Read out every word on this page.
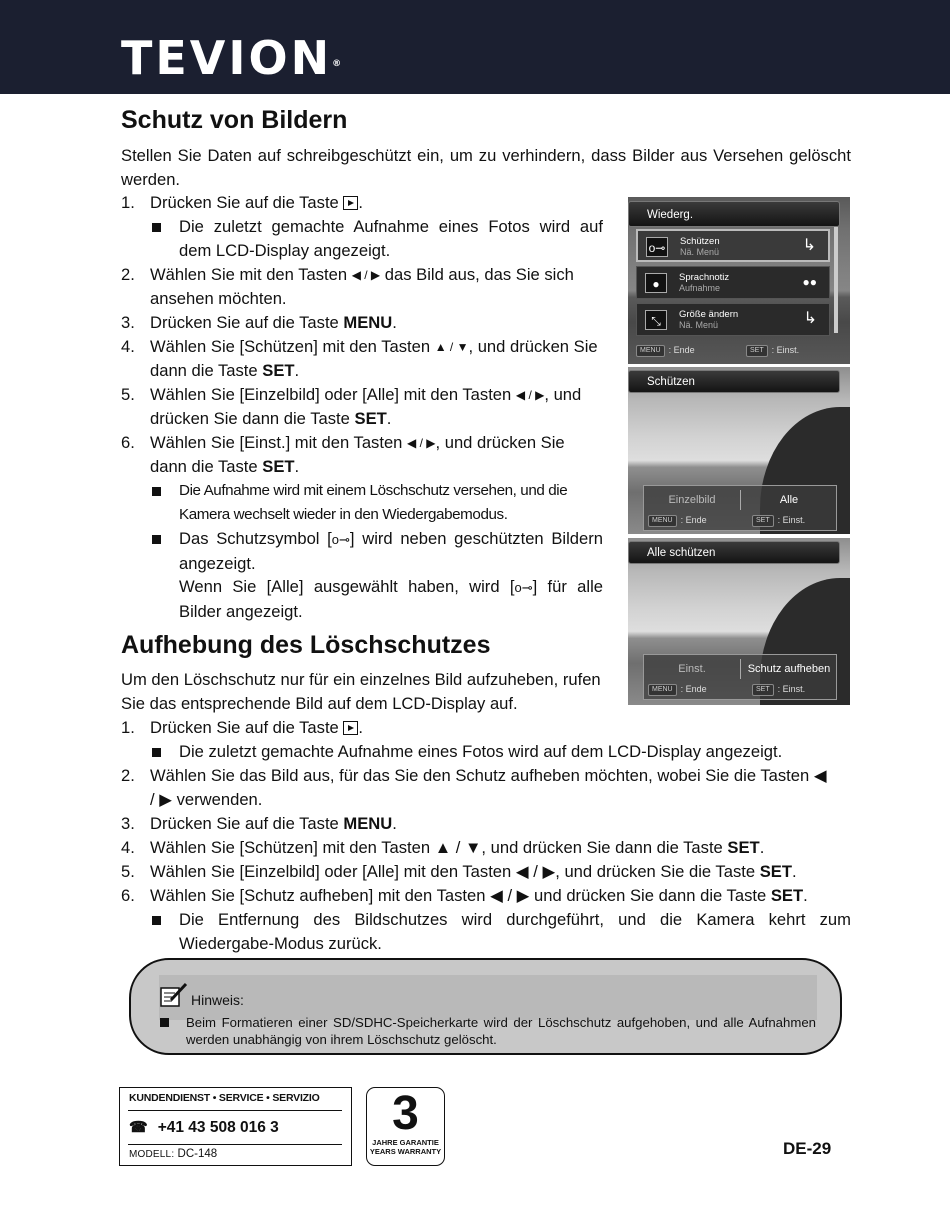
TEVION®
Schutz von Bildern

Stellen Sie Daten auf schreibgeschützt ein, um zu verhindern, dass Bilder aus Versehen gelöscht werden.

1. Drücken Sie auf die Taste .
Die zuletzt gemachte Aufnahme eines Fotos wird auf dem LCD-Display angezeigt.
2. Wählen Sie mit den Tasten ◀ / ▶ das Bild aus, das Sie sich ansehen möchten.
3. Drücken Sie auf die Taste MENU.
4. Wählen Sie [Schützen] mit den Tasten ▲ / ▼, und drücken Sie dann die Taste SET.
5. Wählen Sie [Einzelbild] oder [Alle] mit den Tasten ◀ / ▶, und drücken Sie dann die Taste SET.
6. Wählen Sie [Einst.] mit den Tasten ◀ / ▶, und drücken Sie dann die Taste SET.
Die Aufnahme wird mit einem Löschschutz versehen, und die Kamera wechselt wieder in den Wiedergabemodus.
Das Schutzsymbol [o⊸] wird neben geschützten Bildern angezeigt.
Wenn Sie [Alle] ausgewählt haben, wird [o⊸] für alle Bilder angezeigt.
Aufhebung des Löschschutzes

Um den Löschschutz nur für ein einzelnes Bild aufzuheben, rufen Sie das entsprechende Bild auf dem LCD-Display auf.

1. Drücken Sie auf die Taste .
Die zuletzt gemachte Aufnahme eines Fotos wird auf dem LCD-Display angezeigt.
2. Wählen Sie das Bild aus, für das Sie den Schutz aufheben möchten, wobei Sie die Tasten ◀
/ ▶ verwenden.
3. Drücken Sie auf die Taste MENU.
4. Wählen Sie [Schützen] mit den Tasten ▲ / ▼, und drücken Sie dann die Taste SET.
5. Wählen Sie [Einzelbild] oder [Alle] mit den Tasten ◀ / ▶, und drücken Sie die Taste SET.
6. Wählen Sie [Schutz aufheben] mit den Tasten ◀ / ▶ und drücken Sie dann die Taste SET.
Die Entfernung des Bildschutzes wird durchgeführt, und die Kamera kehrt zum Wiedergabe-Modus zurück.
Wiederg.
o⊸ Schützen
Nä. Menü	↳
●	Sprachnotiz
Aufnahme	●●
⤡	Größe ändern
Nä. Menü	↳
MENU : Ende	SET : Einst.
Schützen
Einzelbild	Alle
MENU : Ende	SET : Einst.
Alle schützen
Einst.	Schutz aufheben
MENU : Ende	SET : Einst.
Hinweis:
Beim Formatieren einer SD/SDHC-Speicherkarte wird der Löschschutz aufgehoben, und alle Aufnahmen werden unabhängig von ihrem Löschschutz gelöscht.
KUNDENDIENST • SERVICE • SERVIZIO
☎ +41 43 508 016 3
MODELL: DC-148
3
JAHRE GARANTIE
YEARS WARRANTY	DE-29
